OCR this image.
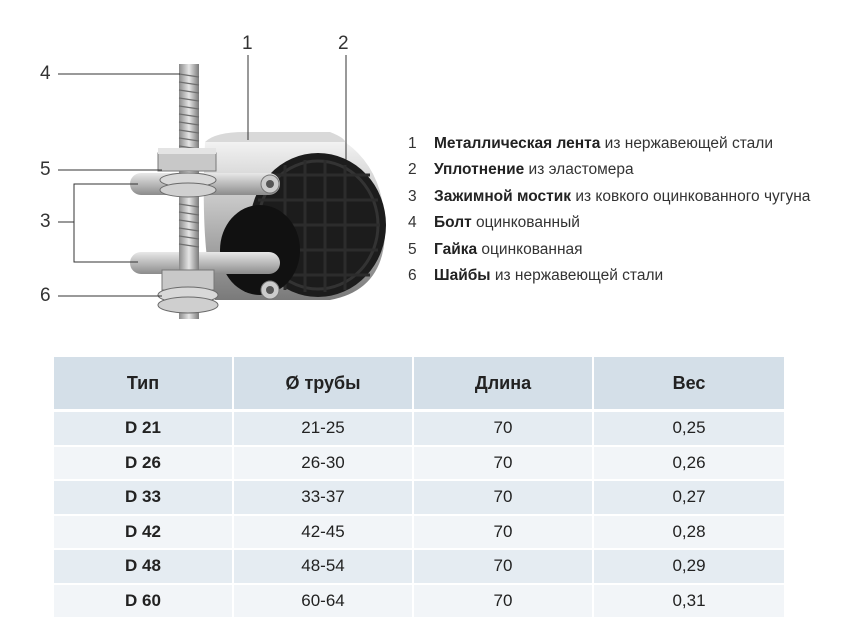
1	2
4
5
3
6
1 Металлическая лента из нержавеющей стали
2 Уплотнение из эластомера
3 Зажимной мостик из ковкого оцинкованного чугуна
4 Болт оцинкованный
5 Гайка оцинкованная
6 Шайбы из нержавеющей стали
Тип	Ø трубы	Длина	Вес
D 21	21-25	70	0,25
D 26	26-30	70	0,26
D 33	33-37	70	0,27
D 42	42-45	70	0,28
D 48	48-54	70	0,29
D 60	60-64	70	0,31
